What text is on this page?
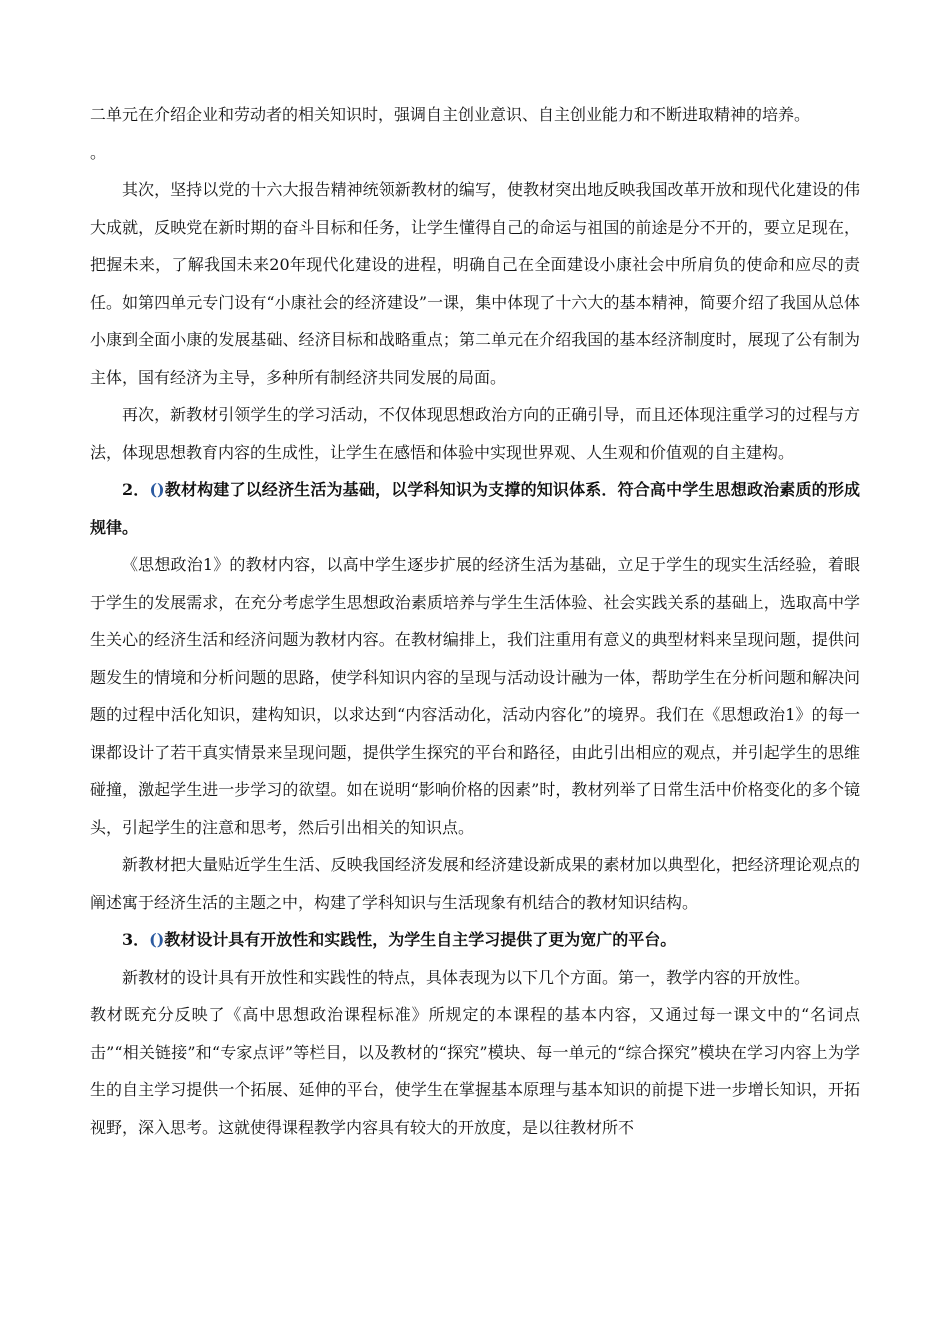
二单元在介绍企业和劳动者的相关知识时，强调自主创业意识、自主创业能力和不断进取精神的培养。

。

其次，坚持以党的十六大报告精神统领新教材的编写，使教材突出地反映我国改革开放和现代化建设的伟大成就，反映党在新时期的奋斗目标和任务，让学生懂得自己的命运与祖国的前途是分不开的，要立足现在，把握未来，了解我国未来20年现代化建设的进程，明确自己在全面建设小康社会中所肩负的使命和应尽的责任。如第四单元专门设有“小康社会的经济建设”一课，集中体现了十六大的基本精神，简要介绍了我国从总体小康到全面小康的发展基础、经济目标和战略重点；第二单元在介绍我国的基本经济制度时，展现了公有制为主体，国有经济为主导，多种所有制经济共同发展的局面。

再次，新教材引领学生的学习活动，不仅体现思想政治方向的正确引导，而且还体现注重学习的过程与方法，体现思想教育内容的生成性，让学生在感悟和体验中实现世界观、人生观和价值观的自主建构。

2．()教材构建了以经济生活为基础，以学科知识为支撑的知识体系．符合高中学生思想政治素质的形成规律。

《思想政治1》的教材内容，以高中学生逐步扩展的经济生活为基础，立足于学生的现实生活经验，着眼于学生的发展需求，在充分考虑学生思想政治素质培养与学生生活体验、社会实践关系的基础上，选取高中学生关心的经济生活和经济问题为教材内容。在教材编排上，我们注重用有意义的典型材料来呈现问题，提供问题发生的情境和分析问题的思路，使学科知识内容的呈现与活动设计融为一体，帮助学生在分析问题和解决问题的过程中活化知识，建构知识，以求达到“内容活动化，活动内容化”的境界。我们在《思想政治1》的每一课都设计了若干真实情景来呈现问题，提供学生探究的平台和路径，由此引出相应的观点，并引起学生的思维碰撞，激起学生进一步学习的欲望。如在说明“影响价格的因素”时，教材列举了日常生活中价格变化的多个镜头，引起学生的注意和思考，然后引出相关的知识点。

新教材把大量贴近学生生活、反映我国经济发展和经济建设新成果的素材加以典型化，把经济理论观点的阐述寓于经济生活的主题之中，构建了学科知识与生活现象有机结合的教材知识结构。

3．()教材设计具有开放性和实践性，为学生自主学习提供了更为宽广的平台。

新教材的设计具有开放性和实践性的特点，具体表现为以下几个方面。第一，教学内容的开放性。

教材既充分反映了《高中思想政治课程标准》所规定的本课程的基本内容，又通过每一课文中的“名词点击”“相关链接”和“专家点评”等栏目，以及教材的“探究”模块、每一单元的“综合探究”模块在学习内容上为学生的自主学习提供一个拓展、延伸的平台，使学生在掌握基本原理与基本知识的前提下进一步增长知识，开拓视野，深入思考。这就使得课程教学内容具有较大的开放度，是以往教材所不
